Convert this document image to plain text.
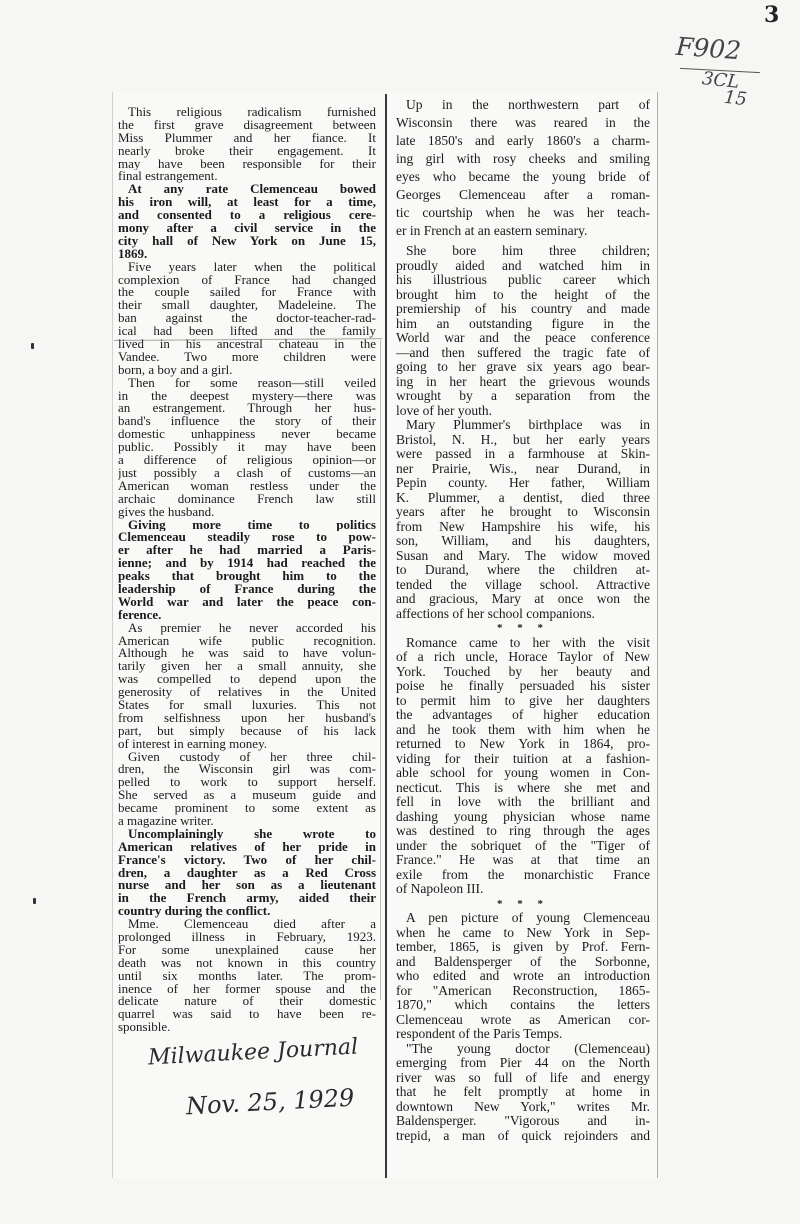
3
F902
3CL
15
This religious radicalism furnished
the first grave disagreement between
Miss Plummer and her fiance. It
nearly broke their engagement. It
may have been responsible for their
final estrangement.
At any rate Clemenceau bowed
his iron will, at least for a time,
and consented to a religious cere-
mony after a civil service in the
city hall of New York on June 15,
1869.
Five years later when the political
complexion of France had changed
the couple sailed for France with
their small daughter, Madeleine. The
ban against the doctor-teacher-rad-
ical had been lifted and the family
lived in his ancestral chateau in the
Vandee. Two more children were
born, a boy and a girl.
Then for some reason—still veiled
in the deepest mystery—there was
an estrangement. Through her hus-
band's influence the story of their
domestic unhappiness never became
public. Possibly it may have been
a difference of religious opinion—or
just possibly a clash of customs—an
American woman restless under the
archaic dominance French law still
gives the husband.
Giving more time to politics
Clemenceau steadily rose to pow-
er after he had married a Paris-
ienne; and by 1914 had reached the
peaks that brought him to the
leadership of France during the
World war and later the peace con-
ference.
As premier he never accorded his
American wife public recognition.
Although he was said to have volun-
tarily given her a small annuity, she
was compelled to depend upon the
generosity of relatives in the United
States for small luxuries. This not
from selfishness upon her husband's
part, but simply because of his lack
of interest in earning money.
Given custody of her three chil-
dren, the Wisconsin girl was com-
pelled to work to support herself.
She served as a museum guide and
became prominent to some extent as
a magazine writer.
Uncomplainingly she wrote to
American relatives of her pride in
France's victory. Two of her chil-
dren, a daughter as a Red Cross
nurse and her son as a lieutenant
in the French army, aided their
country during the conflict.
Mme. Clemenceau died after a
prolonged illness in February, 1923.
For some unexplained cause her
death was not known in this country
until six months later. The prom-
inence of her former spouse and the
delicate nature of their domestic
quarrel was said to have been re-
sponsible.
Up in the northwestern part of
Wisconsin there was reared in the
late 1850's and early 1860's a charm-
ing girl with rosy cheeks and smiling
eyes who became the young bride of
Georges Clemenceau after a roman-
tic courtship when he was her teach-
er in French at an eastern seminary.
She bore him three children;
proudly aided and watched him in
his illustrious public career which
brought him to the height of the
premiership of his country and made
him an outstanding figure in the
World war and the peace conference
—and then suffered the tragic fate of
going to her grave six years ago bear-
ing in her heart the grievous wounds
wrought by a separation from the
love of her youth.
Mary Plummer's birthplace was in
Bristol, N. H., but her early years
were passed in a farmhouse at Skin-
ner Prairie, Wis., near Durand, in
Pepin county. Her father, William
K. Plummer, a dentist, died three
years after he brought to Wisconsin
from New Hampshire his wife, his
son, William, and his daughters,
Susan and Mary. The widow moved
to Durand, where the children at-
tended the village school. Attractive
and gracious, Mary at once won the
affections of her school companions.
* * *
Romance came to her with the visit
of a rich uncle, Horace Taylor of New
York. Touched by her beauty and
poise he finally persuaded his sister
to permit him to give her daughters
the advantages of higher education
and he took them with him when he
returned to New York in 1864, pro-
viding for their tuition at a fashion-
able school for young women in Con-
necticut. This is where she met and
fell in love with the brilliant and
dashing young physician whose name
was destined to ring through the ages
under the sobriquet of the "Tiger of
France." He was at that time an
exile from the monarchistic France
of Napoleon III.
* * *
A pen picture of young Clemenceau
when he came to New York in Sep-
tember, 1865, is given by Prof. Fern-
and Baldensperger of the Sorbonne,
who edited and wrote an introduction
for "American Reconstruction, 1865-
1870," which contains the letters
Clemenceau wrote as American cor-
respondent of the Paris Temps.
"The young doctor (Clemenceau)
emerging from Pier 44 on the North
river was so full of life and energy
that he felt promptly at home in
downtown New York," writes Mr.
Baldensperger. "Vigorous and in-
trepid, a man of quick rejoinders and
Milwaukee Journal
Nov. 25, 1929
